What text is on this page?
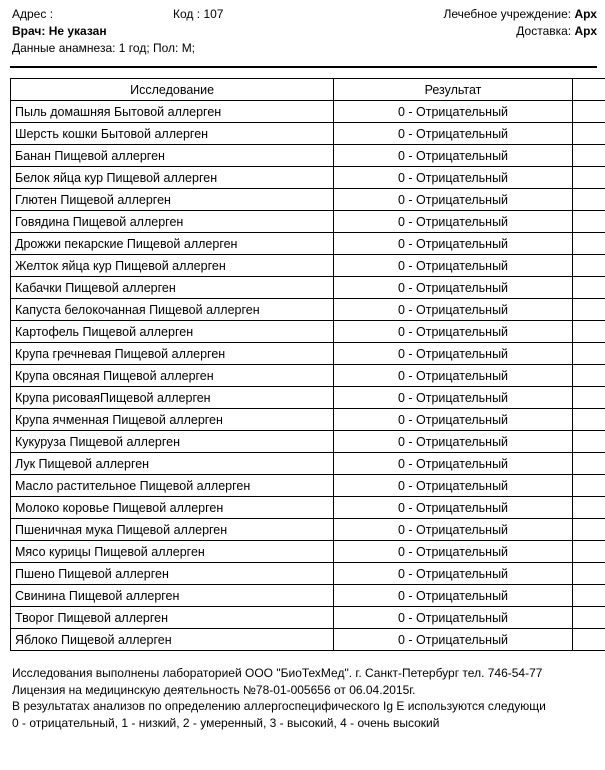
Адрес :	Код : 107	Лечебное учреждение: Арх
Врач: Не указан	Доставка: Арх
Данные анамнеза: 1 год; Пол: М;
Исследование	Результат	
Пыль домашняя Бытовой аллерген	0 - Отрицательный	
Шерсть кошки Бытовой аллерген	0 - Отрицательный	
Банан Пищевой аллерген	0 - Отрицательный	
Белок яйца кур Пищевой аллерген	0 - Отрицательный	
Глютен Пищевой аллерген	0 - Отрицательный	
Говядина Пищевой аллерген	0 - Отрицательный	
Дрожжи пекарские Пищевой аллерген	0 - Отрицательный	
Желток яйца кур Пищевой аллерген	0 - Отрицательный	
Кабачки Пищевой аллерген	0 - Отрицательный	
Капуста белокочанная Пищевой аллерген	0 - Отрицательный	
Картофель Пищевой аллерген	0 - Отрицательный	
Крупа гречневая Пищевой аллерген	0 - Отрицательный	
Крупа овсяная Пищевой аллерген	0 - Отрицательный	
Крупа рисоваяПищевой аллерген	0 - Отрицательный	
Крупа ячменная Пищевой аллерген	0 - Отрицательный	
Кукуруза Пищевой аллерген	0 - Отрицательный	
Лук Пищевой аллерген	0 - Отрицательный	
Масло растительное Пищевой аллерген	0 - Отрицательный	
Молоко коровье Пищевой аллерген	0 - Отрицательный	
Пшеничная мука Пищевой аллерген	0 - Отрицательный	
Мясо курицы Пищевой аллерген	0 - Отрицательный	
Пшено Пищевой аллерген	0 - Отрицательный	
Свинина Пищевой аллерген	0 - Отрицательный	
Творог Пищевой аллерген	0 - Отрицательный	
Яблоко Пищевой аллерген	0 - Отрицательный	
Исследования выполнены лабораторией ООО "БиоТехМед". г. Санкт-Петербург тел. 746-54-77
Лицензия на медицинскую деятельность №78-01-005656 от 06.04.2015г.
В результатах анализов по определению аллергоспецифического Ig E используются следующи
0 - отрицательный, 1 - низкий, 2 - умеренный, 3 - высокий, 4 - очень высокий
